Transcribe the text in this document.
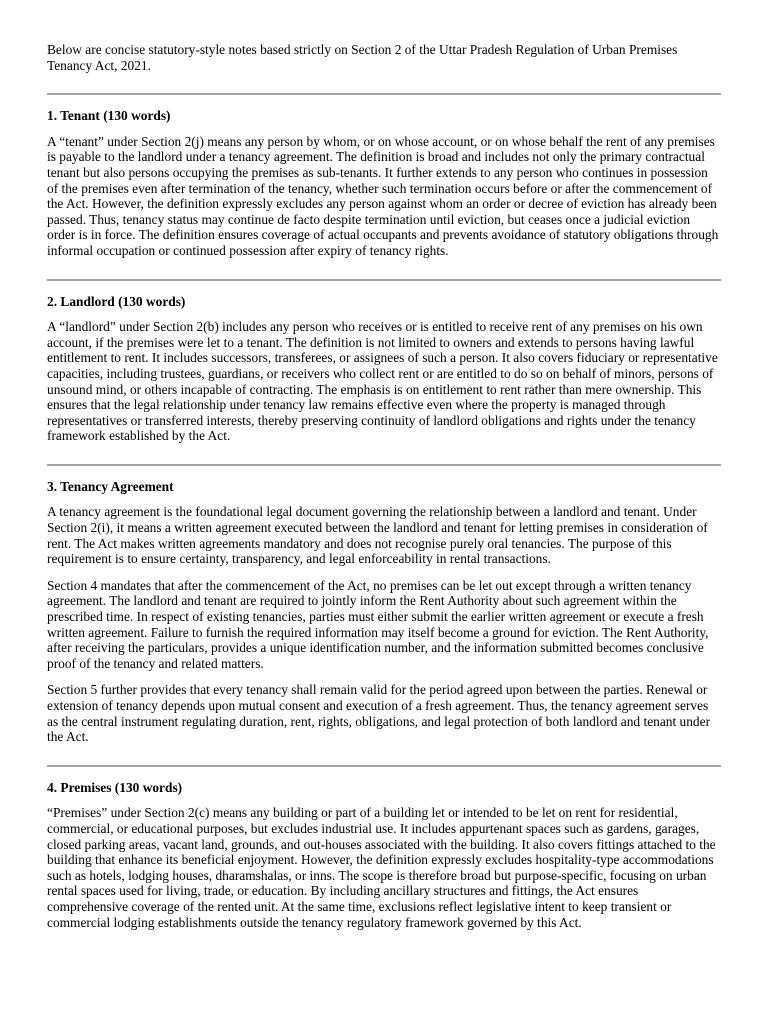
Below are concise statutory-style notes based strictly on Section 2 of the Uttar Pradesh Regulation of Urban Premises Tenancy Act, 2021.

1. Tenant (130 words)

A “tenant” under Section 2(j) means any person by whom, or on whose account, or on whose behalf the rent of any premises is payable to the landlord under a tenancy agreement. The definition is broad and includes not only the primary contractual tenant but also persons occupying the premises as sub-tenants. It further extends to any person who continues in possession of the premises even after termination of the tenancy, whether such termination occurs before or after the commencement of the Act. However, the definition expressly excludes any person against whom an order or decree of eviction has already been passed. Thus, tenancy status may continue de facto despite termination until eviction, but ceases once a judicial eviction order is in force. The definition ensures coverage of actual occupants and prevents avoidance of statutory obligations through informal occupation or continued possession after expiry of tenancy rights.

2. Landlord (130 words)

A “landlord” under Section 2(b) includes any person who receives or is entitled to receive rent of any premises on his own account, if the premises were let to a tenant. The definition is not limited to owners and extends to persons having lawful entitlement to rent. It includes successors, transferees, or assignees of such a person. It also covers fiduciary or representative capacities, including trustees, guardians, or receivers who collect rent or are entitled to do so on behalf of minors, persons of unsound mind, or others incapable of contracting. The emphasis is on entitlement to rent rather than mere ownership. This ensures that the legal relationship under tenancy law remains effective even where the property is managed through representatives or transferred interests, thereby preserving continuity of landlord obligations and rights under the tenancy framework established by the Act.

3. Tenancy Agreement

A tenancy agreement is the foundational legal document governing the relationship between a landlord and tenant. Under Section 2(i), it means a written agreement executed between the landlord and tenant for letting premises in consideration of rent. The Act makes written agreements mandatory and does not recognise purely oral tenancies. The purpose of this requirement is to ensure certainty, transparency, and legal enforceability in rental transactions.

Section 4 mandates that after the commencement of the Act, no premises can be let out except through a written tenancy agreement. The landlord and tenant are required to jointly inform the Rent Authority about such agreement within the prescribed time. In respect of existing tenancies, parties must either submit the earlier written agreement or execute a fresh written agreement. Failure to furnish the required information may itself become a ground for eviction. The Rent Authority, after receiving the particulars, provides a unique identification number, and the information submitted becomes conclusive proof of the tenancy and related matters.

Section 5 further provides that every tenancy shall remain valid for the period agreed upon between the parties. Renewal or extension of tenancy depends upon mutual consent and execution of a fresh agreement. Thus, the tenancy agreement serves as the central instrument regulating duration, rent, rights, obligations, and legal protection of both landlord and tenant under the Act.

4. Premises (130 words)

“Premises” under Section 2(c) means any building or part of a building let or intended to be let on rent for residential, commercial, or educational purposes, but excludes industrial use. It includes appurtenant spaces such as gardens, garages, closed parking areas, vacant land, grounds, and out-houses associated with the building. It also covers fittings attached to the building that enhance its beneficial enjoyment. However, the definition expressly excludes hospitality-type accommodations such as hotels, lodging houses, dharamshalas, or inns. The scope is therefore broad but purpose-specific, focusing on urban rental spaces used for living, trade, or education. By including ancillary structures and fittings, the Act ensures comprehensive coverage of the rented unit. At the same time, exclusions reflect legislative intent to keep transient or commercial lodging establishments outside the tenancy regulatory framework governed by this Act.
